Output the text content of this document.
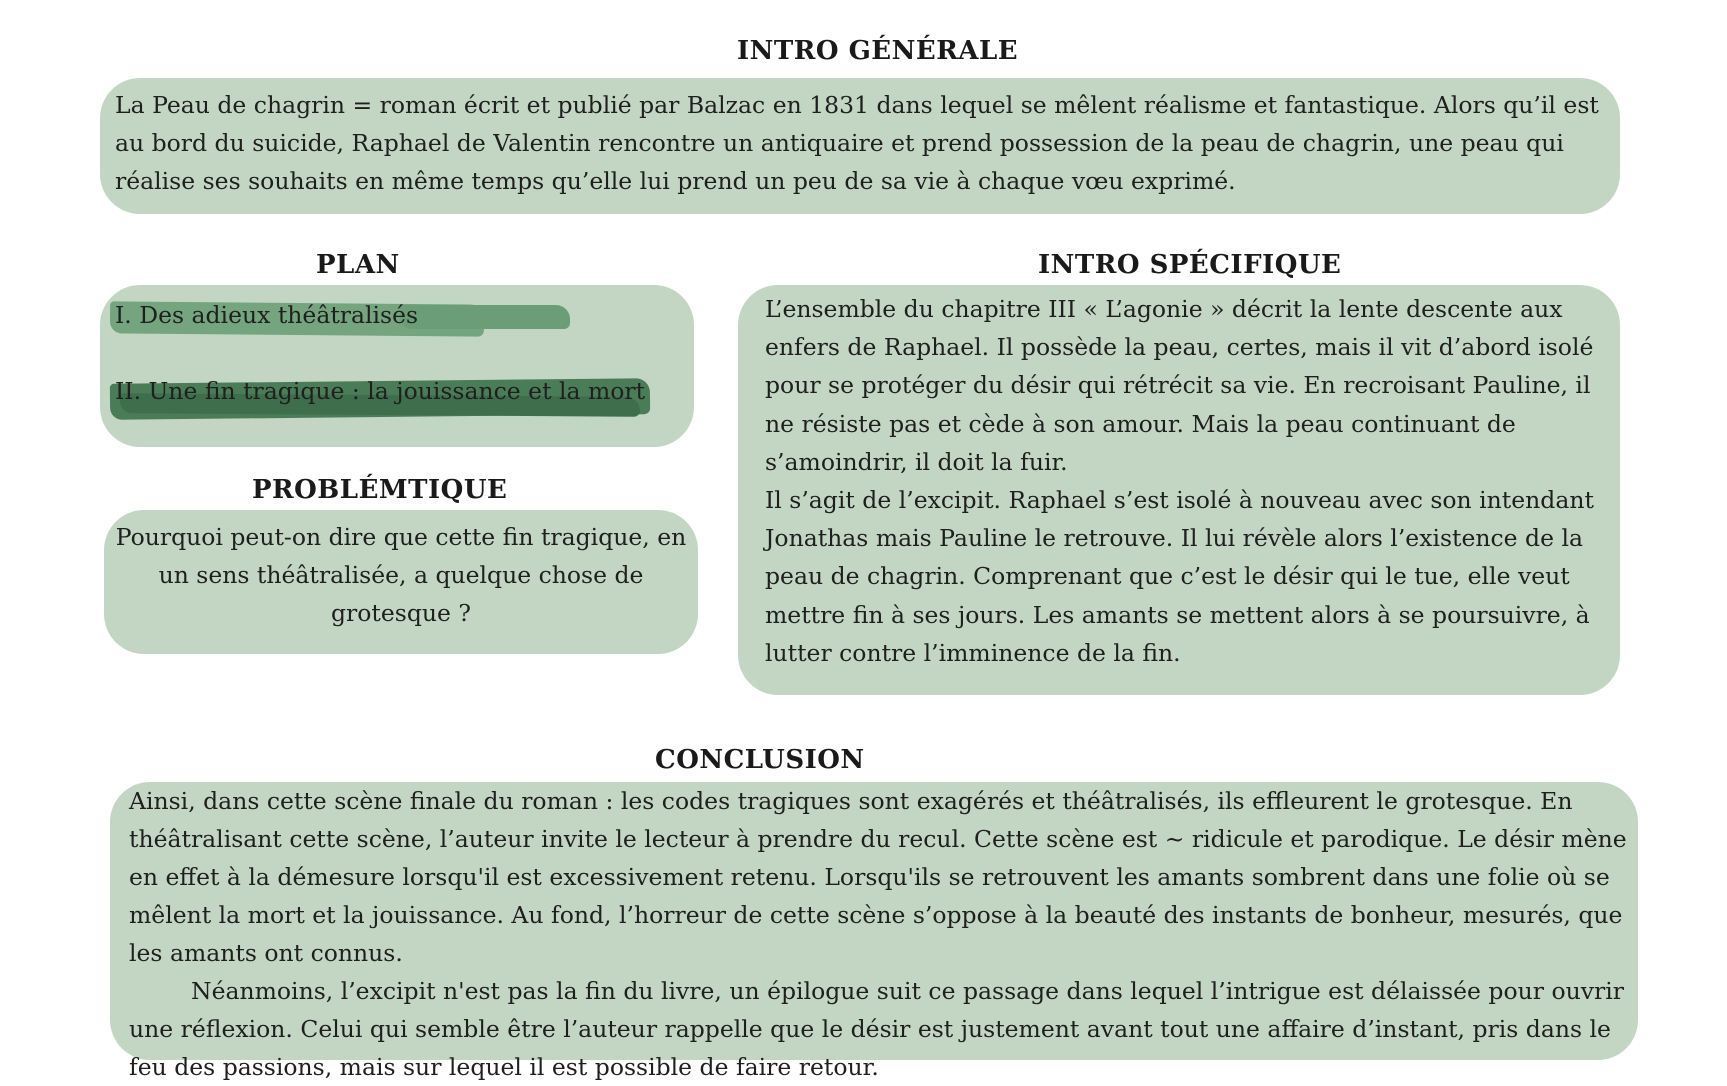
INTRO GÉNÉRALE

La Peau de chagrin = roman écrit et publié par Balzac en 1831 dans lequel se mêlent réalisme et fantastique. Alors qu’il est au bord du suicide, Raphael de Valentin rencontre un antiquaire et prend possession de la peau de chagrin, une peau qui réalise ses souhaits en même temps qu’elle lui prend un peu de sa vie à chaque vœu exprimé.

PLAN
I. Des adieux théâtralisés
II. Une fin tragique : la jouissance et la mort
PROBLÉMTIQUE

Pourquoi peut-on dire que cette fin tragique, en un sens théâtralisée, a quelque chose de grotesque ?

INTRO SPÉCIFIQUE

L’ensemble du chapitre III « L’agonie » décrit la lente descente aux enfers de Raphael. Il possède la peau, certes, mais il vit d’abord isolé pour se protéger du désir qui rétrécit sa vie. En recroisant Pauline, il ne résiste pas et cède à son amour. Mais la peau continuant de s’amoindrir, il doit la fuir.

Il s’agit de l’excipit. Raphael s’est isolé à nouveau avec son intendant Jonathas mais Pauline le retrouve. Il lui révèle alors l’existence de la peau de chagrin. Comprenant que c’est le désir qui le tue, elle veut mettre fin à ses jours. Les amants se mettent alors à se poursuivre, à lutter contre l’imminence de la fin.

CONCLUSION

Ainsi, dans cette scène finale du roman : les codes tragiques sont exagérés et théâtralisés, ils effleurent le grotesque. En théâtralisant cette scène, l’auteur invite le lecteur à prendre du recul. Cette scène est ~ ridicule et parodique. Le désir mène en effet à la démesure lorsqu'il est excessivement retenu. Lorsqu'ils se retrouvent les amants sombrent dans une folie où se mêlent la mort et la jouissance. Au fond, l’horreur de cette scène s’oppose à la beauté des instants de bonheur, mesurés, que les amants ont connus.

Néanmoins, l’excipit n'est pas la fin du livre, un épilogue suit ce passage dans lequel l’intrigue est délaissée pour ouvrir une réflexion. Celui qui semble être l’auteur rappelle que le désir est justement avant tout une affaire d’instant, pris dans le feu des passions, mais sur lequel il est possible de faire retour.
